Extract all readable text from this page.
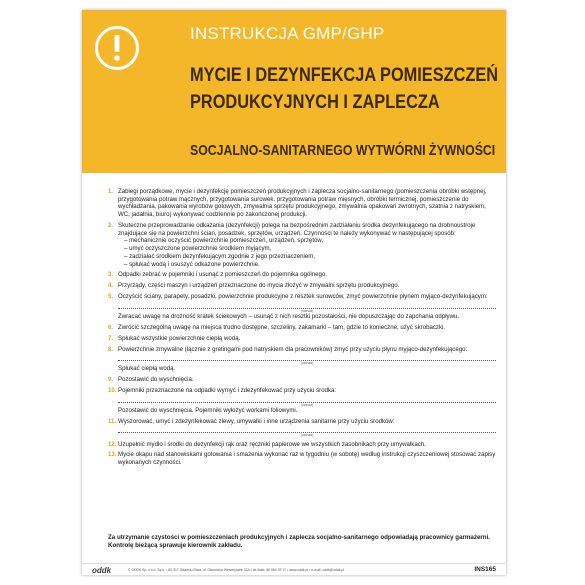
INSTRUKCJA GMP/GHP
MYCIE I DEZYNFEKCJA POMIESZCZEŃ
PRODUKCYJNYCH I ZAPLECZA
SOCJALNO-SANITARNEGO WYTWÓRNI ŻYWNOŚCI
1. Zabiegi porządkowe, mycie i dezynfekcję pomieszczeń produkcyjnych i zaplecza socjalno-sanitarnego (pomieszczenia obróbki wstępnej, przygotowania potraw mącznych, przygotowania surowek, przygotowania potraw mięsnych, obróbki termicznej, pomieszczenie do wychładzania, pakowania wyrobów gotowych, zmywalnia sprzętu produkcyjnego, zmywalnia opakowań zwrotnych, szatnia z natryskiem, WC, jadalnia, biuro) wykonywać codziennie po zakończonej produkcji.
2. Skuteczne przeprowadzanie odkażania (dezynfekcji) polega na bezpośrednim zadziałaniu środka dezynfekującego na drobnoustroje znajdujące się na powierzchni ścian, posadzek, sprzętów, urządzeń. Czynności te należy wykonywać w następującej sposób:
– mechanicznie oczyścić powierzchnie pomieszczeń, urządzeń, sprzętów,
– umyć oczyszczone powierzchnie środkiem myjącym,
– zadziałać środkiem dezynfekującym zgodnie z jego przeznaczeniem,
– spłukać wodą i osuszyć odkażone powierzchnie.
3. Odpadki zebrać w pojemniki i usunąć z pomieszczeń do pojemnika ogólnego.
4. Przyrządy, części maszyn i urządzeń przeznaczone do mycia złożyć w zmywalni sprzętu produkcyjnego.
5. Oczyścić ściany, parapety, posadzki, powierzchnie produkcyjne z resztek surowców, zmyć powierzchnie płynem myjąco-dezynfekującym:
(nazwa)
Zwracać uwagę na drożność kratek ściekowych – usunąć z nich resztki pozostałości, nie dopuszczając do zapchania odpływu.
6. Zwrócić szczególną uwagę na miejsca trudno dostępne, szczeliny, zakamarki – tam, gdzie to konieczne, użyć skrobaczki.
7. Spłukać wszystkie powierzchnie ciepłą wodą.
8. Powierzchnie zmywalne (łącznie z gretingami pod natryskiem dla pracowników) zmyć przy użyciu płynu myjąco-dezynfekującego:
(nazwa)
Spłukać ciepłą wodą.
9. Pozostawić do wyschnięcia.
10. Pojemniki przeznaczone na odpadki wymyć i zdezynfekować przy użyciu środka:
(nazwa)
Pozostawić do wyschnięcia. Pojemniki wyłożyć workami foliowymi.
11. Wyszorować, umyć i zdezynfekować zlewy, umywalki i inne urządzenia sanitarne przy użyciu środków:
(nazwa)
12. Uzupełnić mydło i środki do dezynfekcji rąk oraz ręczniki papierowe we wszystkich zasobnikach przy umywalkach.
13. Mycie okapu nad stanowiskami gotowania i smażenia wykonać raz w tygodniu (w sobotę) według instrukcji czyszczeniowej stosować zapisy wykonanych czynności.
Za utrzymanie czystości w pomieszczeniach produkcyjnych i zaplecza socjalno-sanitarnego odpowiadają pracownicy garmażerni. Kontrolę bieżącą sprawuje kierownik zakładu.
oddk	© ODDK Sp. z o.o. Sp.k. • 80-317 Gdańsk-Oliwa, ul. Obrońców Westerplatte 32A • tel./faks: 58 554 29 17 • www.oddk.pl • e-mail: oddk@oddk.pl	INS165
